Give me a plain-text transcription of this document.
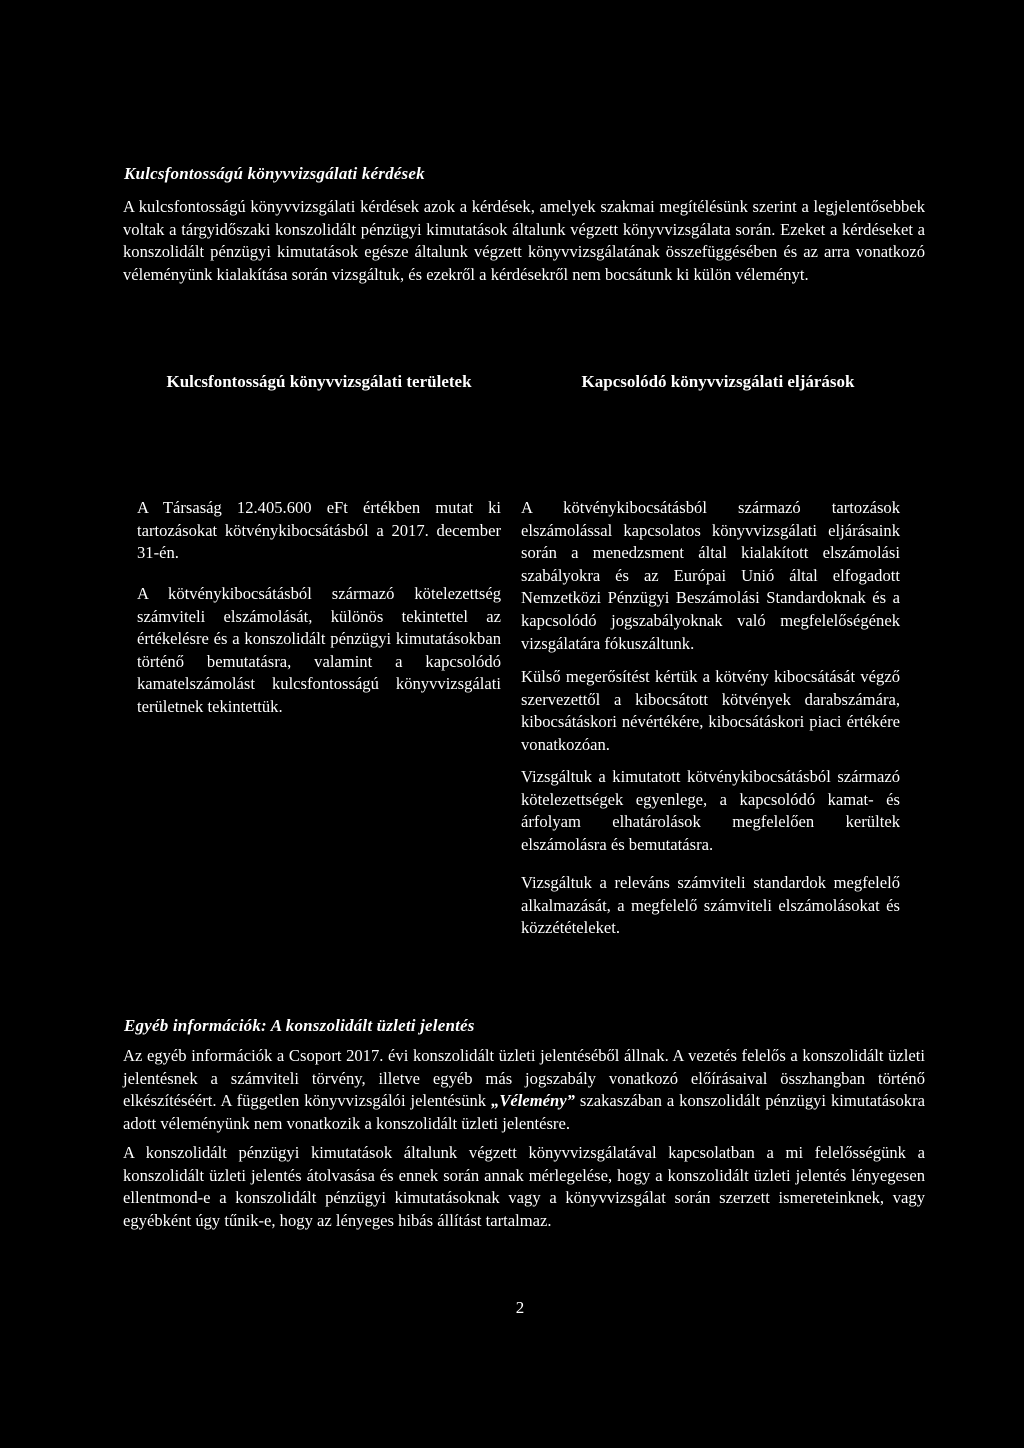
Kulcsfontosságú könyvvizsgálati kérdések

A kulcsfontosságú könyvvizsgálati kérdések azok a kérdések, amelyek szakmai megítélésünk szerint a legjelentősebbek voltak a tárgyidőszaki konszolidált pénzügyi kimutatások általunk végzett könyvvizsgálata során. Ezeket a kérdéseket a konszolidált pénzügyi kimutatások egésze általunk végzett könyvvizsgálatának összefüggésében és az arra vonatkozó véleményünk kialakítása során vizsgáltuk, és ezekről a kérdésekről nem bocsátunk ki külön véleményt.

Kulcsfontosságú könyvvizsgálati területek	Kapcsolódó könyvvizsgálati eljárások

A Társaság 12.405.600 eFt értékben mutat ki tartozásokat kötvénykibocsátásból a 2017. december 31-én.

A kötvénykibocsátásból származó kötelezettség számviteli elszámolását, különös tekintettel az értékelésre és a konszolidált pénzügyi kimutatásokban történő bemutatásra, valamint a kapcsolódó kamatelszámolást kulcsfontosságú könyvvizsgálati területnek tekintettük.

A kötvénykibocsátásból származó tartozások elszámolással kapcsolatos könyvvizsgálati eljárásaink során a menedzsment által kialakított elszámolási szabályokra és az Európai Unió által elfogadott Nemzetközi Pénzügyi Beszámolási Standardoknak és a kapcsolódó jogszabályoknak való megfelelőségének vizsgálatára fókuszáltunk.

Külső megerősítést kértük a kötvény kibocsátását végző szervezettől a kibocsátott kötvények darabszámára, kibocsátáskori névértékére, kibocsátáskori piaci értékére vonatkozóan.

Vizsgáltuk a kimutatott kötvénykibocsátásból származó kötelezettségek egyenlege, a kapcsolódó kamat- és árfolyam elhatárolások megfelelően kerültek elszámolásra és bemutatásra.

Vizsgáltuk a releváns számviteli standardok megfelelő alkalmazását, a megfelelő számviteli elszámolásokat és közzétételeket.

Egyéb információk: A konszolidált üzleti jelentés

Az egyéb információk a Csoport 2017. évi konszolidált üzleti jelentéséből állnak. A vezetés felelős a konszolidált üzleti jelentésnek a számviteli törvény, illetve egyéb más jogszabály vonatkozó előírásaival összhangban történő elkészítéséért. A független könyvvizsgálói jelentésünk „Vélemény” szakaszában a konszolidált pénzügyi kimutatásokra adott véleményünk nem vonatkozik a konszolidált üzleti jelentésre.

A konszolidált pénzügyi kimutatások általunk végzett könyvvizsgálatával kapcsolatban a mi felelősségünk a konszolidált üzleti jelentés átolvasása és ennek során annak mérlegelése, hogy a konszolidált üzleti jelentés lényegesen ellentmond-e a konszolidált pénzügyi kimutatásoknak vagy a könyvvizsgálat során szerzett ismereteinknek, vagy egyébként úgy tűnik-e, hogy az lényeges hibás állítást tartalmaz.

2
